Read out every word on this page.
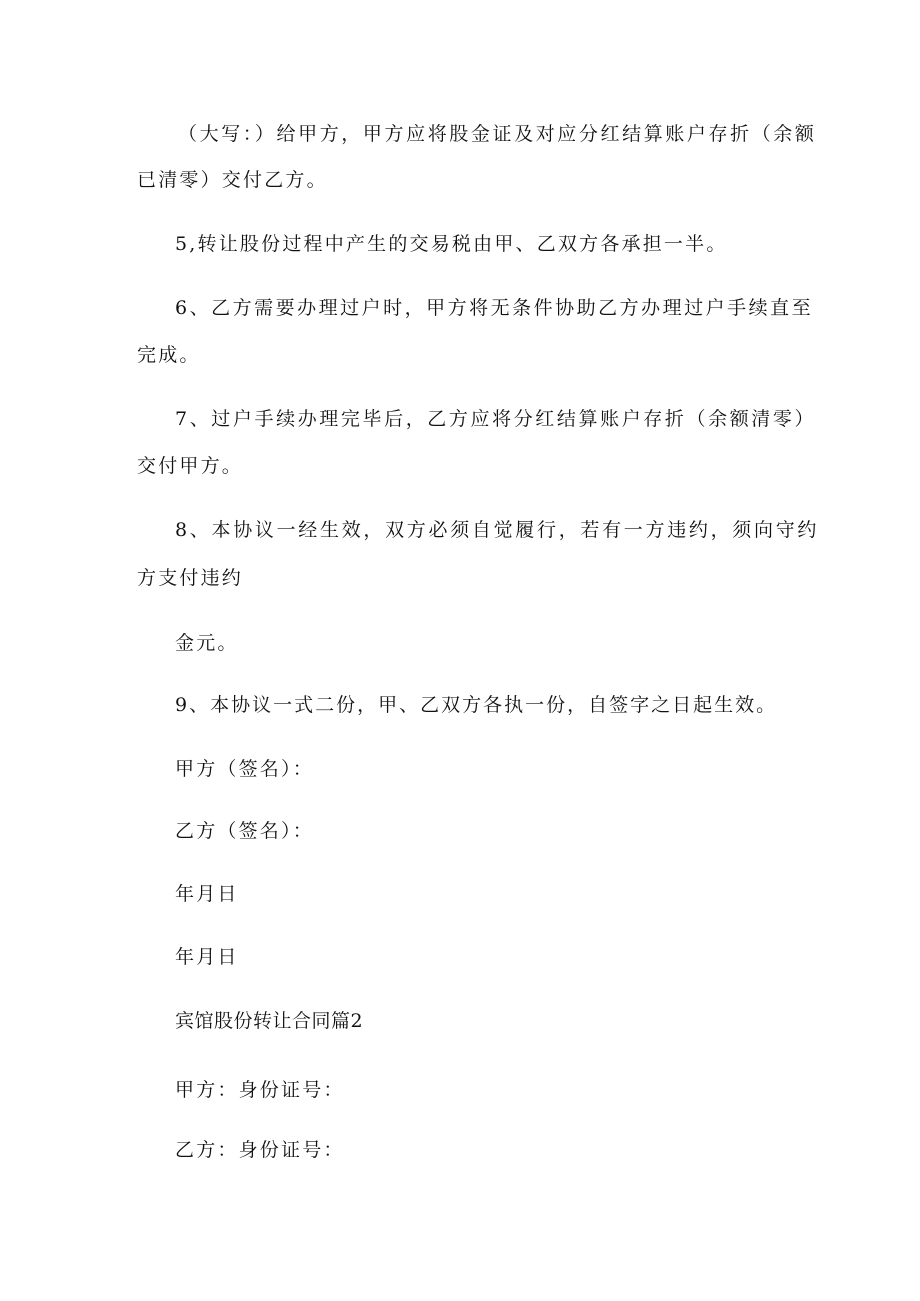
（大写：）给甲方，甲方应将股金证及对应分红结算账户存折（余额
已清零）交付乙方。
5,转让股份过程中产生的交易税由甲、乙双方各承担一半。
6、乙方需要办理过户时，甲方将无条件协助乙方办理过户手续直至
完成。
7、过户手续办理完毕后，乙方应将分红结算账户存折（余额清零）
交付甲方。
8、本协议一经生效，双方必须自觉履行，若有一方违约，须向守约
方支付违约
金元。
9、本协议一式二份，甲、乙双方各执一份，自签字之日起生效。
甲方（签名）：
乙方（签名）：
年月日
年月日
宾馆股份转让合同篇2
甲方：身份证号：
乙方：身份证号：
